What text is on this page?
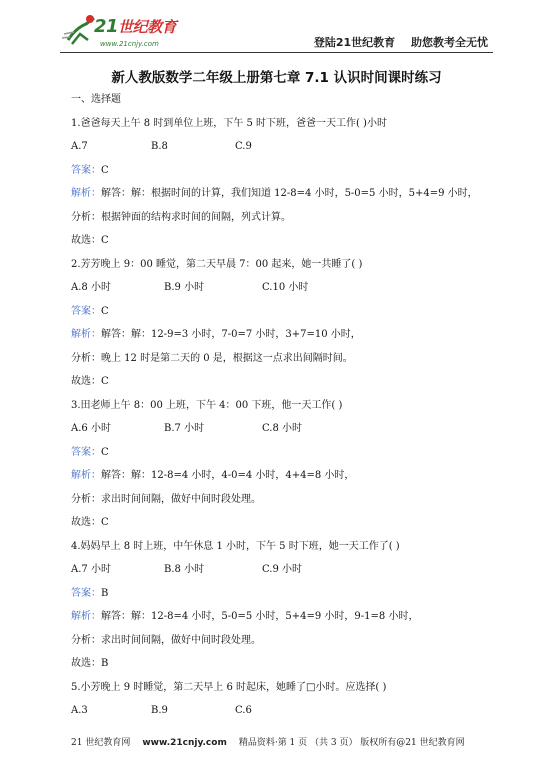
21世纪教育
www.21cnjy.com	登陆21世纪教育 助您教考全无忧
新人教版数学二年级上册第七章 7.1 认识时间课时练习
一、选择题
1.爸爸每天上午 8 时到单位上班，下午 5 时下班，爸爸一天工作( )小时
A.7	B.8	C.9
答案：C
解析：解答：解：根据时间的计算，我们知道 12-8=4 小时，5-0=5 小时，5+4=9 小时，
分析：根据钟面的结构求时间的间隔，列式计算。
故选：C
2.芳芳晚上 9：00 睡觉，第二天早晨 7：00 起来，她一共睡了( )
A.8 小时	B.9 小时	C.10 小时
答案：C
解析：解答：解：12-9=3 小时，7-0=7 小时，3+7=10 小时，
分析：晚上 12 时是第二天的 0 是，根据这一点求出间隔时间。
故选：C
3.田老师上午 8：00 上班，下午 4：00 下班，他一天工作( )
A.6 小时	B.7 小时	C.8 小时
答案：C
解析：解答：解：12-8=4 小时，4-0=4 小时，4+4=8 小时，
分析：求出时间间隔，做好中间时段处理。
故选：C
4.妈妈早上 8 时上班，中午休息 1 小时，下午 5 时下班，她一天工作了( )
A.7 小时	B.8 小时	C.9 小时
答案：B
解析：解答：解：12-8=4 小时，5-0=5 小时，5+4=9 小时，9-1=8 小时，
分析：求出时间间隔，做好中间时段处理。
故选：B
5.小芳晚上 9 时睡觉，第二天早上 6 时起床，她睡了□小时。应选择( )
A.3	B.9	C.6
21 世纪教育网 www.21cnjy.com 精品资料·第 1 页 （共 3 页） 版权所有@21 世纪教育网
